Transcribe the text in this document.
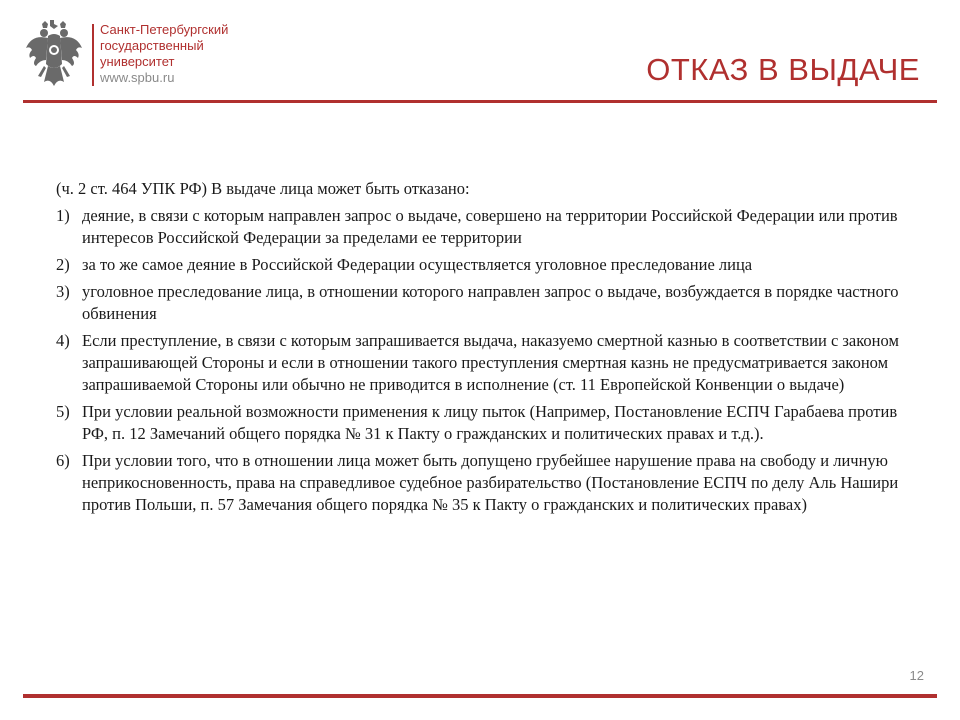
Санкт-Петербургский
государственный
университет
www.spbu.ru	ОТКАЗ В ВЫДАЧЕ

(ч. 2 ст. 464 УПК РФ) В выдаче лица может быть отказано:

1) деяние, в связи с которым направлен запрос о выдаче, совершено на территории Российской Федерации или против интересов Российской Федерации за пределами ее территории
2) за то же самое деяние в Российской Федерации осуществляется уголовное преследование лица
3) уголовное преследование лица, в отношении которого направлен запрос о выдаче, возбуждается в порядке частного обвинения
4) Если преступление, в связи с которым запрашивается выдача, наказуемо смертной казнью в соответствии с законом запрашивающей Стороны и если в отношении такого преступления смертная казнь не предусматривается законом запрашиваемой Стороны или обычно не приводится в исполнение (ст. 11 Европейской Конвенции о выдаче)
5) При условии реальной возможности применения к лицу пыток (Например, Постановление ЕСПЧ Гарабаева против РФ, п. 12 Замечаний общего порядка № 31 к Пакту о гражданских и политических правах и т.д.).
6) При условии того, что в отношении лица может быть допущено грубейшее нарушение права на свободу и личную неприкосновенность, права на справедливое судебное разбирательство (Постановление ЕСПЧ по делу Аль Нашири против Польши, п. 57 Замечания общего порядка № 35 к Пакту о гражданских и политических правах)
12
